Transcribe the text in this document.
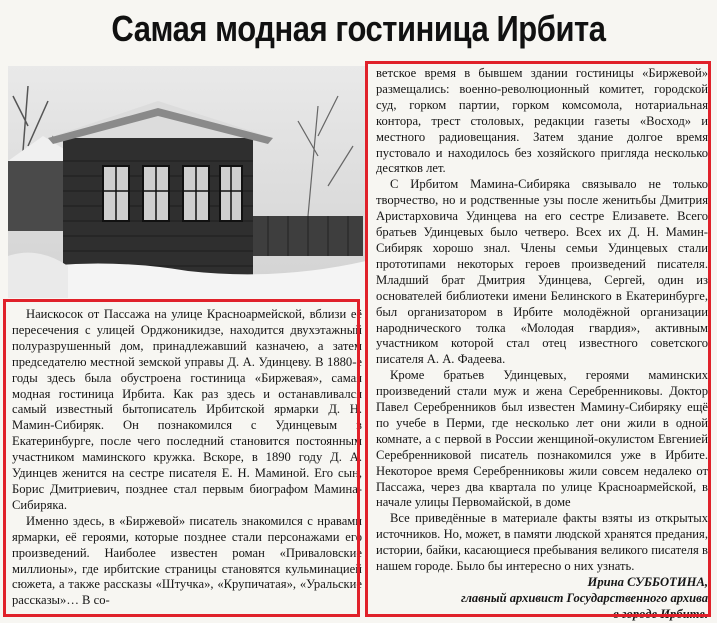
Самая модная гостиница Ирбита

Наискосок от Пассажа на улице Красноармейской, вблизи её пересечения с улицей Орджоникидзе, находится двухэтажный полуразрушенный дом, принадлежавший казначею, а затем председателю местной земской управы Д. А. Удинцеву. В 1880-е годы здесь была обустроена гостиница «Биржевая», самая модная гостиница Ирбита. Как раз здесь и останавливался самый известный бытописатель Ирбитской ярмарки Д. Н. Мамин-Сибиряк. Он познакомился с Удинцевым в Екатеринбурге, после чего последний становится постоянным участником маминского кружка. Вскоре, в 1890 году Д. А. Удинцев женится на сестре писателя Е. Н. Маминой. Его сын, Борис Дмитриевич, позднее стал первым биографом Мамина-Сибиряка.

Именно здесь, в «Биржевой» писатель знакомился с нравами ярмарки, её героями, которые позднее стали персонажами его произведений. Наиболее известен роман «Приваловские миллионы», где ирбитские страницы становятся кульминацией сюжета, а также рассказы «Штучка», «Крупичатая», «Уральские рассказы»… В со-

ветское время в бывшем здании гостиницы «Биржевой» размещались: военно-революционный комитет, городской суд, горком партии, горком комсомола, нотариальная контора, трест столовых, редакции газеты «Восход» и местного радиовещания. Затем здание долгое время пустовало и находилось без хозяйского пригляда несколько десятков лет.

С Ирбитом Мамина-Сибиряка связывало не только творчество, но и родственные узы после женитьбы Дмитрия Аристарховича Удинцева на его сестре Елизавете. Всего братьев Удинцевых было четверо. Всех их Д. Н. Мамин-Сибиряк хорошо знал. Члены семьи Удинцевых стали прототипами некоторых героев произведений писателя. Младший брат Дмитрия Удинцева, Сергей, один из основателей библиотеки имени Белинского в Екатеринбурге, был организатором в Ирбите молодёжной организации народнического толка «Молодая гвардия», активным участником которой стал отец известного советского писателя А. А. Фадеева.

Кроме братьев Удинцевых, героями маминских произведений стали муж и жена Серебренниковы. Доктор Павел Серебренников был известен Мамину-Сибиряку ещё по учебе в Перми, где несколько лет они жили в одной комнате, а с первой в России женщиной-окулистом Евгенией Серебренниковой писатель познакомился уже в Ирбите. Некоторое время Серебренниковы жили совсем недалеко от Пассажа, через два квартала по улице Красноармейской, в начале улицы Первомайской, в доме

Все приведённые в материале факты взяты из открытых источников. Но, может, в памяти людской хранятся предания, истории, байки, касающиеся пребывания великого писателя в нашем городе. Было бы интересно о них узнать.

Ирина СУББОТИНА,

главный архивист Государственного архива

в городе Ирбите.
